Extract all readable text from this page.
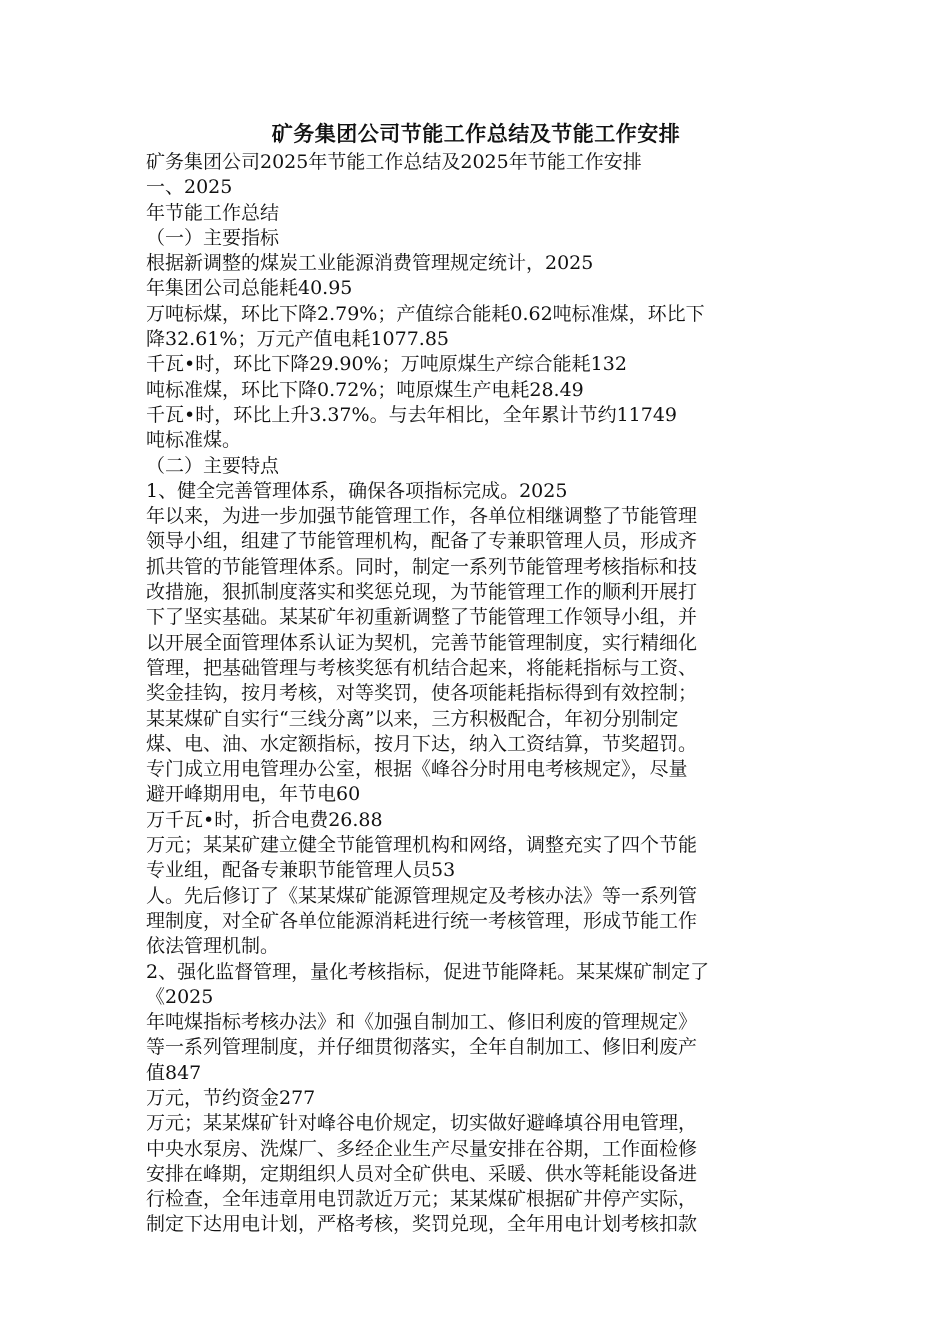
矿务集团公司节能工作总结及节能工作安排
矿务集团公司2025年节能工作总结及2025年节能工作安排
一、2025
年节能工作总结
（一）主要指标
根据新调整的煤炭工业能源消费管理规定统计，2025
年集团公司总能耗40.95
万吨标煤，环比下降2.79%；产值综合能耗0.62吨标准煤，环比下
降32.61%；万元产值电耗1077.85
千瓦•时，环比下降29.90%；万吨原煤生产综合能耗132
吨标准煤，环比下降0.72%；吨原煤生产电耗28.49
千瓦•时，环比上升3.37%。与去年相比，全年累计节约11749
吨标准煤。
（二）主要特点
1、健全完善管理体系，确保各项指标完成。2025
年以来，为进一步加强节能管理工作，各单位相继调整了节能管理
领导小组，组建了节能管理机构，配备了专兼职管理人员，形成齐
抓共管的节能管理体系。同时，制定一系列节能管理考核指标和技
改措施，狠抓制度落实和奖惩兑现，为节能管理工作的顺利开展打
下了坚实基础。某某矿年初重新调整了节能管理工作领导小组，并
以开展全面管理体系认证为契机，完善节能管理制度，实行精细化
管理，把基础管理与考核奖惩有机结合起来，将能耗指标与工资、
奖金挂钩，按月考核，对等奖罚，使各项能耗指标得到有效控制；
某某煤矿自实行“三线分离”以来，三方积极配合，年初分别制定
煤、电、油、水定额指标，按月下达，纳入工资结算，节奖超罚。
专门成立用电管理办公室，根据《峰谷分时用电考核规定》，尽量
避开峰期用电，年节电60
万千瓦•时，折合电费26.88
万元；某某矿建立健全节能管理机构和网络，调整充实了四个节能
专业组，配备专兼职节能管理人员53
人。先后修订了《某某煤矿能源管理规定及考核办法》等一系列管
理制度，对全矿各单位能源消耗进行统一考核管理，形成节能工作
依法管理机制。
2、强化监督管理，量化考核指标，促进节能降耗。某某煤矿制定了
《2025
年吨煤指标考核办法》和《加强自制加工、修旧利废的管理规定》
等一系列管理制度，并仔细贯彻落实，全年自制加工、修旧利废产
值847
万元，节约资金277
万元；某某煤矿针对峰谷电价规定，切实做好避峰填谷用电管理，
中央水泵房、洗煤厂、多经企业生产尽量安排在谷期，工作面检修
安排在峰期，定期组织人员对全矿供电、采暖、供水等耗能设备进
行检查，全年违章用电罚款近万元；某某煤矿根据矿井停产实际，
制定下达用电计划，严格考核，奖罚兑现，全年用电计划考核扣款
